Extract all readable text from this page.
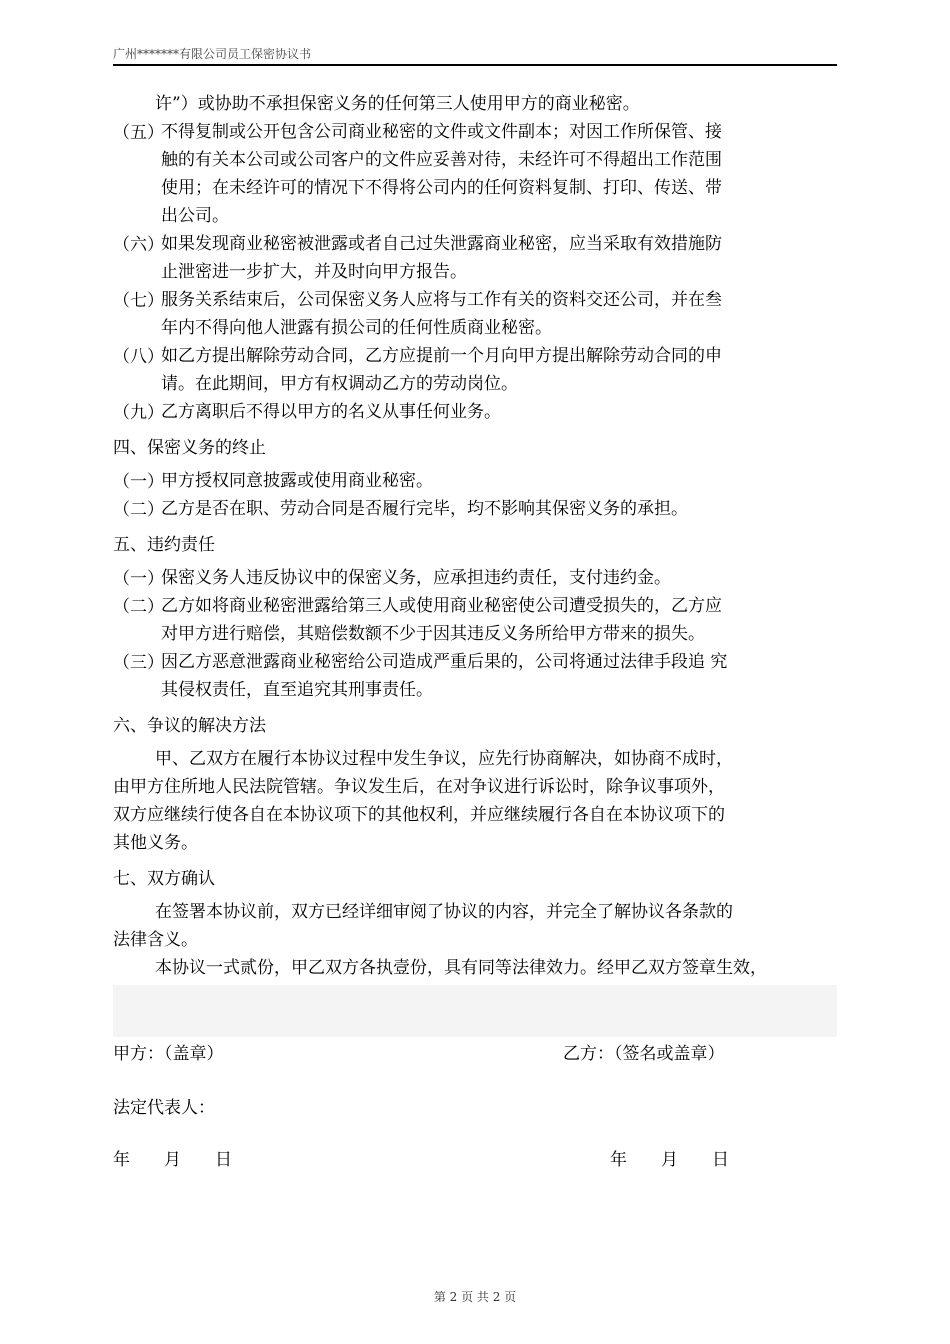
广州*******有限公司员工保密协议书
许”）或协助不承担保密义务的任何第三人使用甲方的商业秘密。
（五）
不得复制或公开包含公司商业秘密的文件或文件副本；对因工作所保管、接
触的有关本公司或公司客户的文件应妥善对待，未经许可不得超出工作范围
使用；在未经许可的情况下不得将公司内的任何资料复制、打印、传送、带
出公司。
（六）
如果发现商业秘密被泄露或者自己过失泄露商业秘密，应当采取有效措施防
止泄密进一步扩大，并及时向甲方报告。
（七）
服务关系结束后，公司保密义务人应将与工作有关的资料交还公司，并在叁
年内不得向他人泄露有损公司的任何性质商业秘密。
（八）
如乙方提出解除劳动合同，乙方应提前一个月向甲方提出解除劳动合同的申
请。在此期间，甲方有权调动乙方的劳动岗位。
（九）
乙方离职后不得以甲方的名义从事任何业务。
四、保密义务的终止
（一）
甲方授权同意披露或使用商业秘密。
（二）
乙方是否在职、劳动合同是否履行完毕，均不影响其保密义务的承担。
五、违约责任
（一）
保密义务人违反协议中的保密义务，应承担违约责任，支付违约金。
（二）
乙方如将商业秘密泄露给第三人或使用商业秘密使公司遭受损失的，乙方应
对甲方进行赔偿，其赔偿数额不少于因其违反义务所给甲方带来的损失。
（三）
因乙方恶意泄露商业秘密给公司造成严重后果的，公司将通过法律手段追 究
其侵权责任，直至追究其刑事责任。
六、争议的解决方法
甲、乙双方在履行本协议过程中发生争议，应先行协商解决，如协商不成时，
由甲方住所地人民法院管辖。争议发生后，在对争议进行诉讼时，除争议事项外，
双方应继续行使各自在本协议项下的其他权利，并应继续履行各自在本协议项下的
其他义务。
七、双方确认
在签署本协议前，双方已经详细审阅了协议的内容，并完全了解协议各条款的
法律含义。
本协议一式贰份，甲乙双方各执壹份，具有同等法律效力。经甲乙双方签章生效，
甲方：（盖章）	乙方：（签名或盖章）
法定代表人：
年　　月　　日	年　　月　　日
第 2 页 共 2 页
